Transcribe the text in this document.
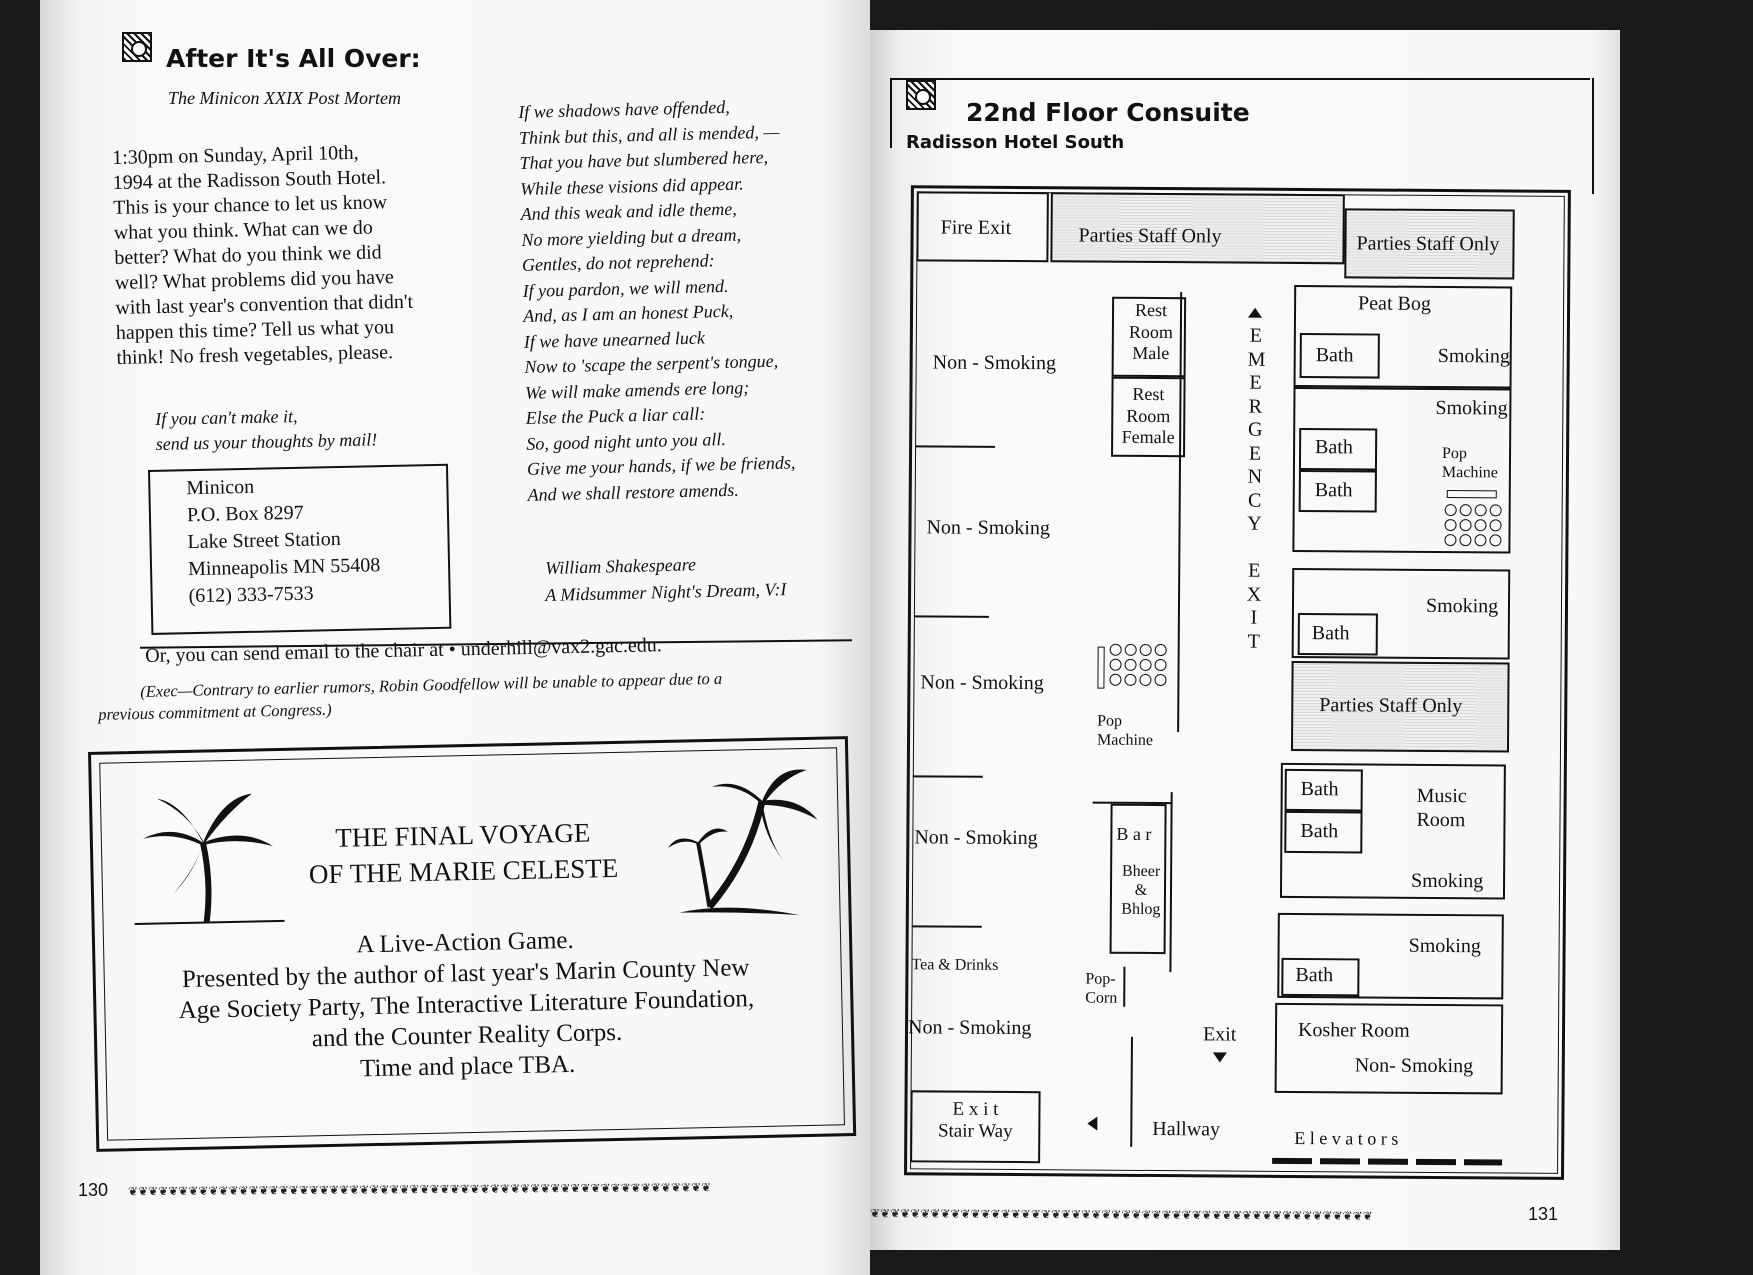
After It's All Over:
The Minicon XXIX Post Mortem
1:30pm on Sunday, April 10th,
1994 at the Radisson South Hotel.
This is your chance to let us know
what you think. What can we do
better? What do you think we did
well? What problems did you have
with last year's convention that didn't
happen this time? Tell us what you
think! No fresh vegetables, please.
If you can't make it,
send us your thoughts by mail!
Minicon
P.O. Box 8297
Lake Street Station
Minneapolis MN 55408
(612) 333-7533
If we shadows have offended,
Think but this, and all is mended, —
That you have but slumbered here,
While these visions did appear.
And this weak and idle theme,
No more yielding but a dream,
Gentles, do not reprehend:
If you pardon, we will mend.
And, as I am an honest Puck,
If we have unearned luck
Now to 'scape the serpent's tongue,
We will make amends ere long;
Else the Puck a liar call:
So, good night unto you all.
Give me your hands, if we be friends,
And we shall restore amends.
William Shakespeare
A Midsummer Night's Dream, V:I
Or, you can send email to the chair at • underhill@vax2.gac.edu.
(Exec—Contrary to earlier rumors, Robin Goodfellow will be unable to appear due to a
previous commitment at Congress.)
THE FINAL VOYAGE
OF THE MARIE CELESTE
A Live-Action Game.
Presented by the author of last year's Marin County New
Age Society Party, The Interactive Literature Foundation,
and the Counter Reality Corps.
Time and place TBA.
130 ❦❦❦❦❦❦❦❦❦❦❦❦❦❦❦❦❦❦❦❦❦❦❦❦❦❦❦❦❦❦❦❦❦❦❦❦❦❦❦❦❦❦❦❦❦❦❦❦❦❦❦❦❦❦❦❦❦❦
22nd Floor Consuite
Radisson Hotel South
Fire Exit	Parties Staff Only	Parties Staff Only
Non - Smoking
Non - Smoking
Non - Smoking
Non - Smoking
Tea & Drinks
Non - Smoking
Rest
Room
Male
Rest
Room
Female
Pop
Machine
B a r
Bheer
&
Bhlog
Pop-
Corn
E
M
E
R
G
E
N
C
Y

E
X
I
T
Exit
Peat Bog
Bath	Smoking
Smoking
Bath
Bath
Pop
Machine
Smoking
Bath
Parties Staff Only
Bath
Bath
Music
Room
Smoking
Smoking
Bath
Kosher Room
Non- Smoking
E x i t
Stair Way	Hallway	E l e v a t o r s
❦❦❦❦❦❦❦❦❦❦❦❦❦❦❦❦❦❦❦❦❦❦❦❦❦❦❦❦❦❦❦❦❦❦❦❦❦❦❦❦❦❦❦❦❦❦❦❦❦❦	131
